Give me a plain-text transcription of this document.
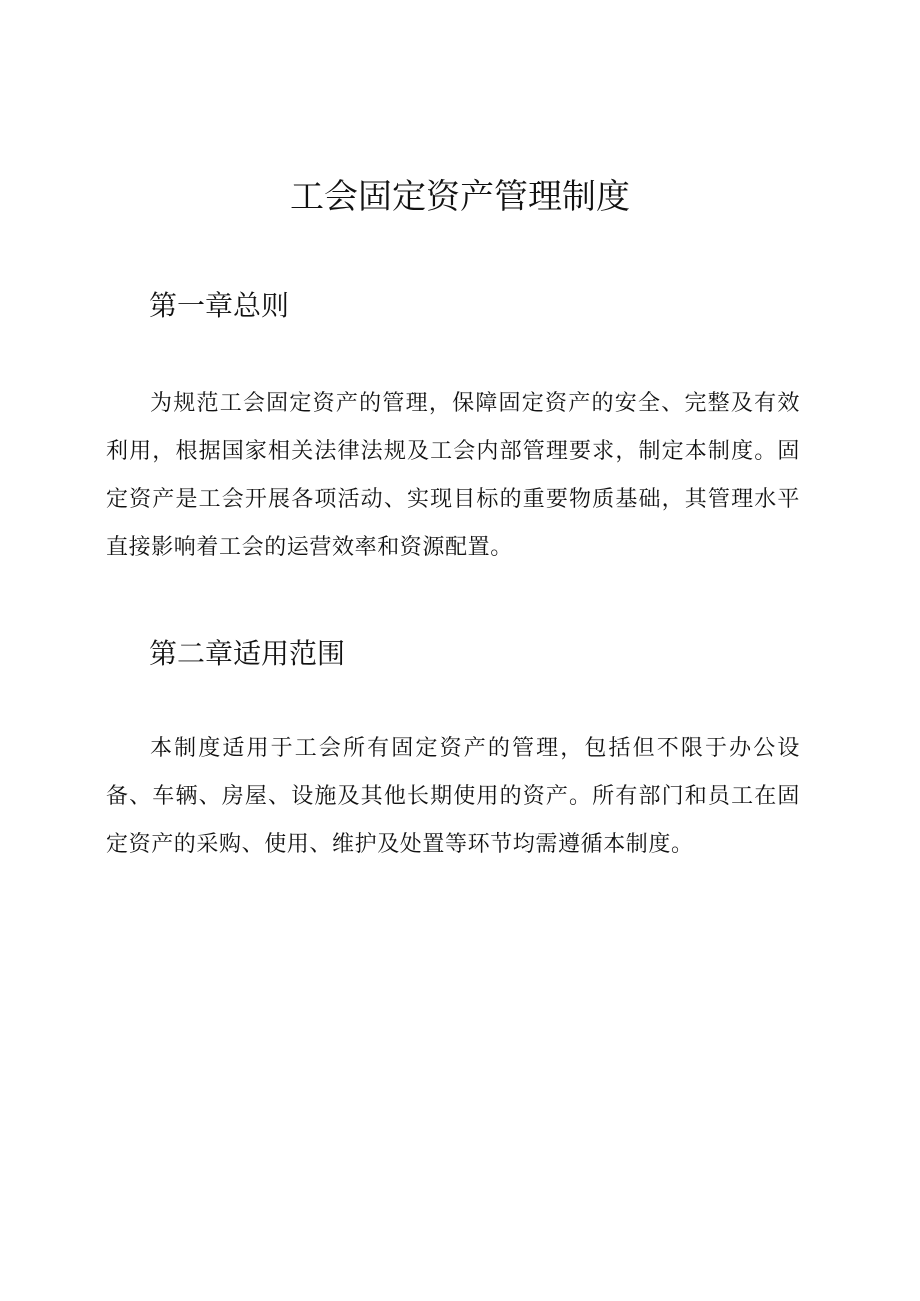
工会固定资产管理制度
第一章总则

为规范工会固定资产的管理，保障固定资产的安全、完整及有效利用，根据国家相关法律法规及工会内部管理要求，制定本制度。固定资产是工会开展各项活动、实现目标的重要物质基础，其管理水平直接影响着工会的运营效率和资源配置。

第二章适用范围

本制度适用于工会所有固定资产的管理，包括但不限于办公设备、车辆、房屋、设施及其他长期使用的资产。所有部门和员工在固定资产的采购、使用、维护及处置等环节均需遵循本制度。
